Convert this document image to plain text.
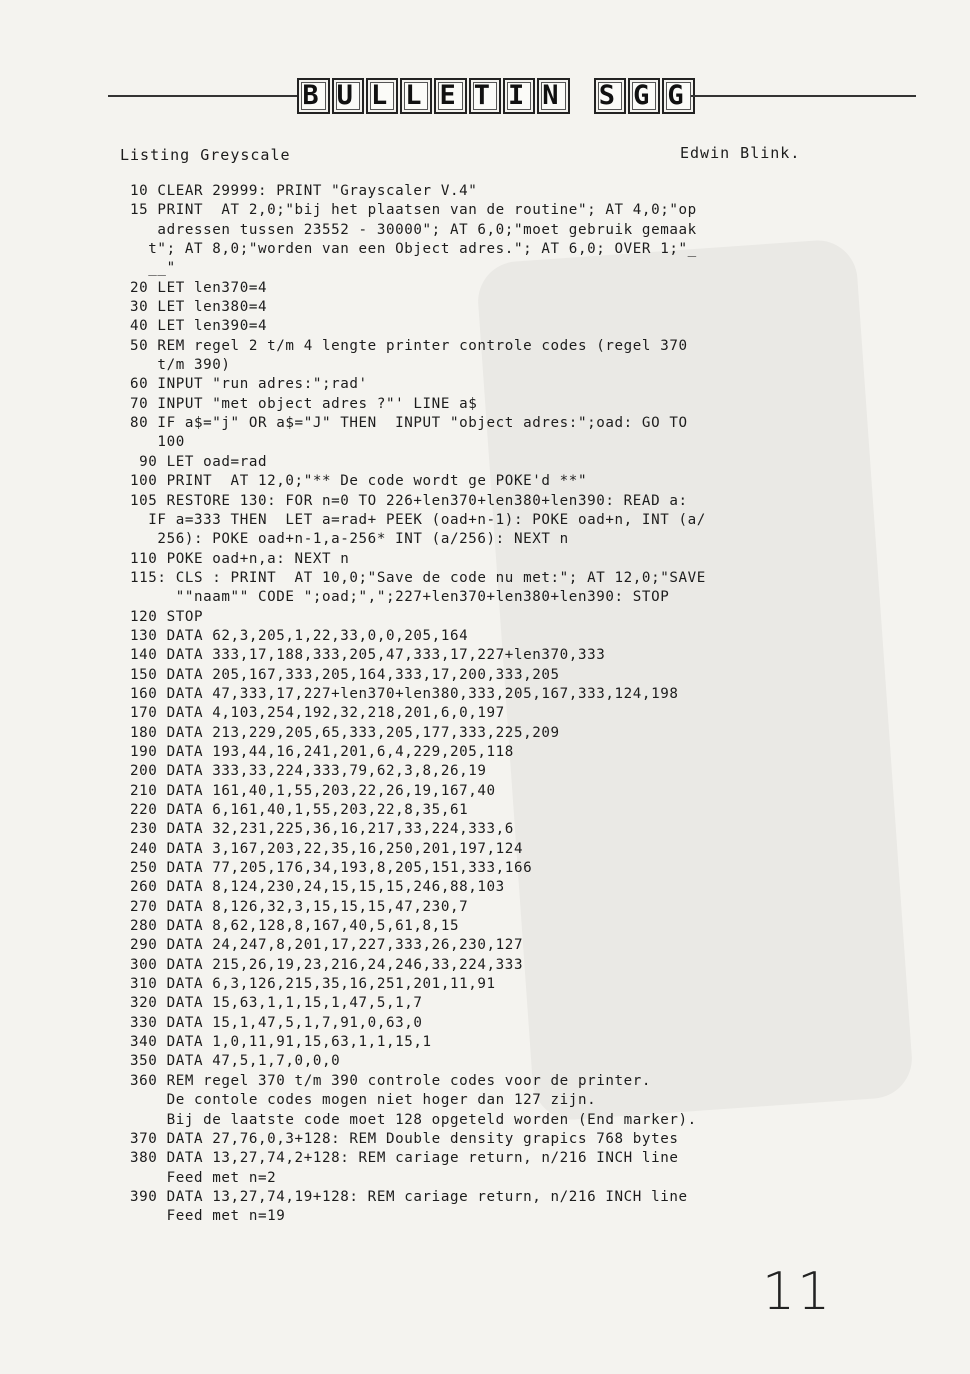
B U L L E T I N S G G
Listing Greyscale	Edwin Blink.
10 CLEAR 29999: PRINT "Grayscaler V.4"
15 PRINT  AT 2,0;"bij het plaatsen van de routine"; AT 4,0;"op
adressen tussen 23552 - 30000"; AT 6,0;"moet gebruik gemaak
t"; AT 8,0;"worden van een Object adres."; AT 6,0; OVER 1;"_
__"
20 LET len370=4
30 LET len380=4
40 LET len390=4
50 REM regel 2 t/m 4 lengte printer controle codes (regel 370
t/m 390)
60 INPUT "run adres:";rad'
70 INPUT "met object adres ?"' LINE a$
80 IF a$="j" OR a$="J" THEN  INPUT "object adres:";oad: GO TO
100
90 LET oad=rad
100 PRINT  AT 12,0;"** De code wordt ge POKE'd **"
105 RESTORE 130: FOR n=0 TO 226+len370+len380+len390: READ a:
IF a=333 THEN  LET a=rad+ PEEK (oad+n-1): POKE oad+n, INT (a/
256): POKE oad+n-1,a-256* INT (a/256): NEXT n
110 POKE oad+n,a: NEXT n
115: CLS : PRINT  AT 10,0;"Save de code nu met:"; AT 12,0;"SAVE
""naam"" CODE ";oad;",";227+len370+len380+len390: STOP
120 STOP
130 DATA 62,3,205,1,22,33,0,0,205,164
140 DATA 333,17,188,333,205,47,333,17,227+len370,333
150 DATA 205,167,333,205,164,333,17,200,333,205
160 DATA 47,333,17,227+len370+len380,333,205,167,333,124,198
170 DATA 4,103,254,192,32,218,201,6,0,197
180 DATA 213,229,205,65,333,205,177,333,225,209
190 DATA 193,44,16,241,201,6,4,229,205,118
200 DATA 333,33,224,333,79,62,3,8,26,19
210 DATA 161,40,1,55,203,22,26,19,167,40
220 DATA 6,161,40,1,55,203,22,8,35,61
230 DATA 32,231,225,36,16,217,33,224,333,6
240 DATA 3,167,203,22,35,16,250,201,197,124
250 DATA 77,205,176,34,193,8,205,151,333,166
260 DATA 8,124,230,24,15,15,15,246,88,103
270 DATA 8,126,32,3,15,15,15,47,230,7
280 DATA 8,62,128,8,167,40,5,61,8,15
290 DATA 24,247,8,201,17,227,333,26,230,127
300 DATA 215,26,19,23,216,24,246,33,224,333
310 DATA 6,3,126,215,35,16,251,201,11,91
320 DATA 15,63,1,1,15,1,47,5,1,7
330 DATA 15,1,47,5,1,7,91,0,63,0
340 DATA 1,0,11,91,15,63,1,1,15,1
350 DATA 47,5,1,7,0,0,0
360 REM regel 370 t/m 390 controle codes voor de printer.
De contole codes mogen niet hoger dan 127 zijn.
Bij de laatste code moet 128 opgeteld worden (End marker).
370 DATA 27,76,0,3+128: REM Double density grapics 768 bytes
380 DATA 13,27,74,2+128: REM cariage return, n/216 INCH line
Feed met n=2
390 DATA 13,27,74,19+128: REM cariage return, n/216 INCH line
Feed met n=19
11
